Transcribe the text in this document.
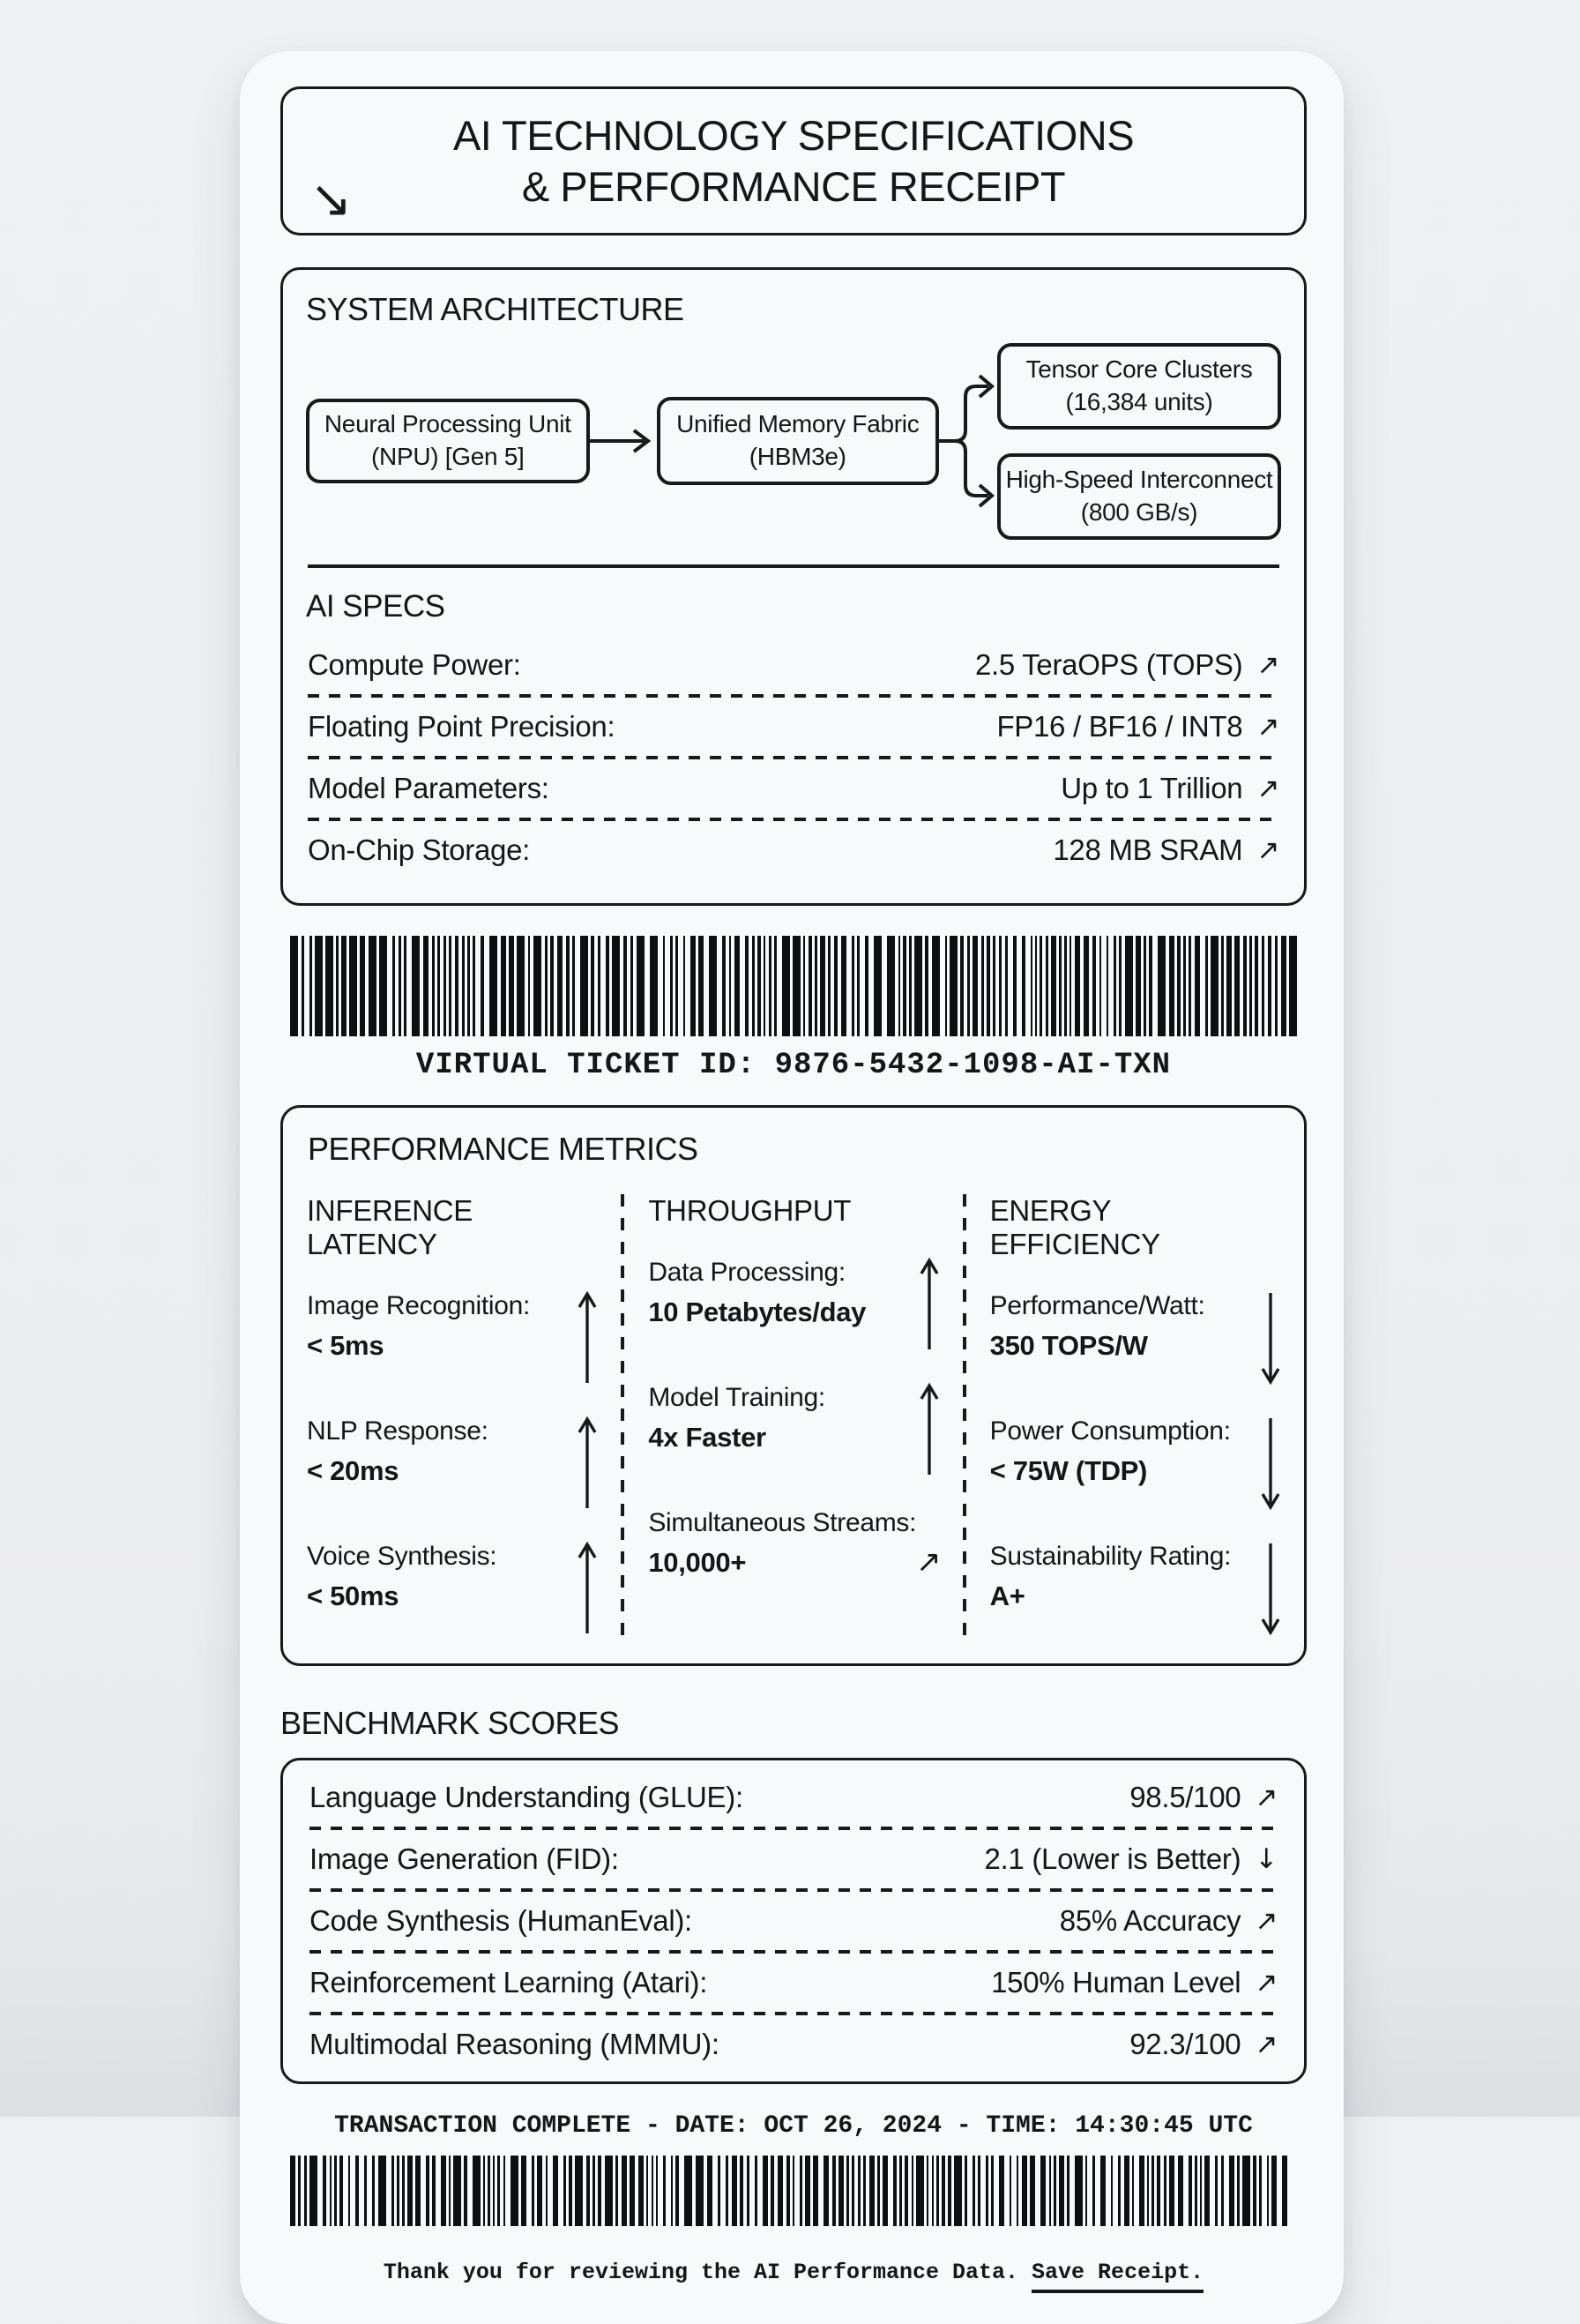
↘
AI TECHNOLOGY SPECIFICATIONS
& PERFORMANCE RECEIPT
SYSTEM ARCHITECTURE
Neural Processing Unit
(NPU) [Gen 5]
Unified Memory Fabric
(HBM3e)
Tensor Core Clusters
(16,384 units)
High-Speed Interconnect
(800 GB/s)
AI SPECS
Compute Power:	2.5 TeraOPS (TOPS) ↗
Floating Point Precision:	FP16 / BF16 / INT8 ↗
Model Parameters:	Up to 1 Trillion ↗
On-Chip Storage:	128 MB SRAM ↗
VIRTUAL TICKET ID: 9876-5432-1098-AI-TXN
PERFORMANCE METRICS
INFERENCE LATENCY
Image Recognition:
< 5ms
NLP Response:
< 20ms
Voice Synthesis:
< 50ms
THROUGHPUT
Data Processing:
10 Petabytes/day
Model Training:
4x Faster
Simultaneous Streams:
10,000+	↗
ENERGY EFFICIENCY
Performance/Watt:
350 TOPS/W
Power Consumption:
< 75W (TDP)
Sustainability Rating:
A+
BENCHMARK SCORES
Language Understanding (GLUE):	98.5/100 ↗
Image Generation (FID):	2.1 (Lower is Better) ↓
Code Synthesis (HumanEval):	85% Accuracy ↗
Reinforcement Learning (Atari):	150% Human Level ↗
Multimodal Reasoning (MMMU):	92.3/100 ↗
TRANSACTION COMPLETE - DATE: OCT 26, 2024 - TIME: 14:30:45 UTC
Thank you for reviewing the AI Performance Data. Save Receipt.
